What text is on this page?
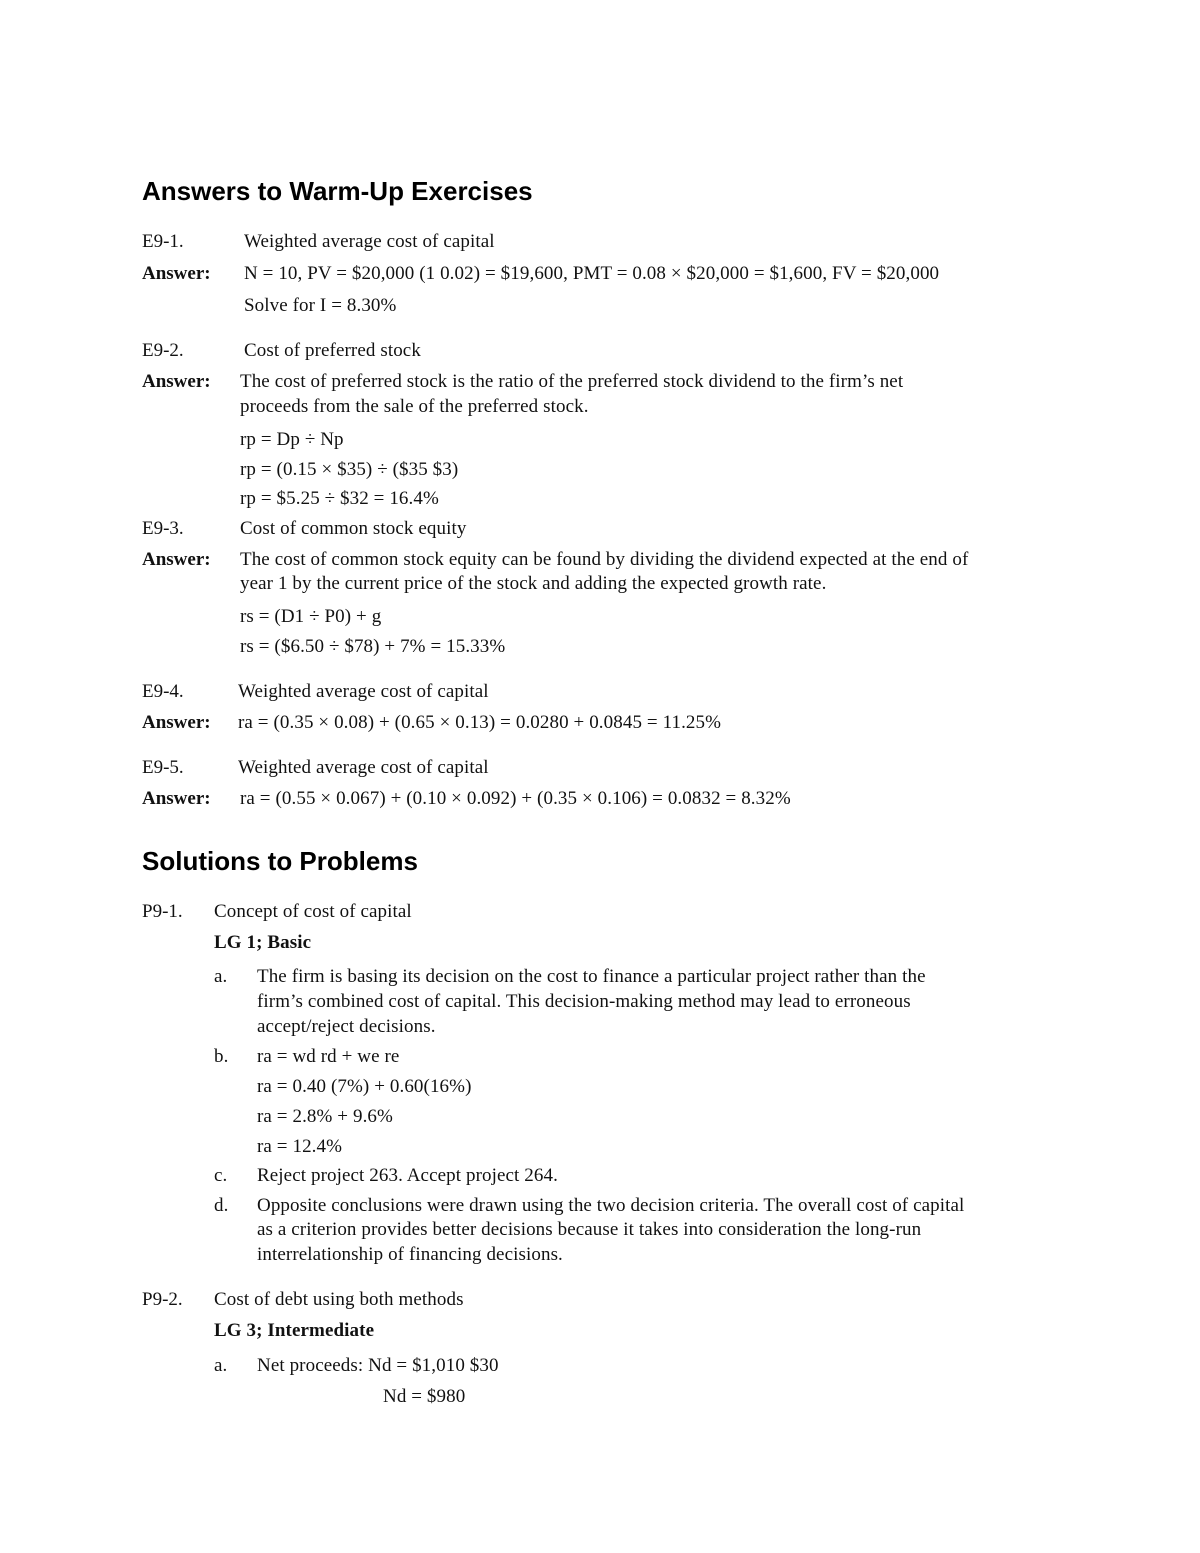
Answers to Warm-Up Exercises
E9-1.	Weighted average cost of capital
Answer: N = 10, PV = $20,000 (1 0.02) = $19,600, PMT = 0.08 × $20,000 = $1,600, FV = $20,000
Solve for I = 8.30%
E9-2.	Cost of preferred stock
Answer: The cost of preferred stock is the ratio of the preferred stock dividend to the firm’s net
proceeds from the sale of the preferred stock.
rp = Dp ÷ Np
rp = (0.15 × $35) ÷ ($35 $3)
rp = $5.25 ÷ $32 = 16.4%
E9-3.	Cost of common stock equity
Answer: The cost of common stock equity can be found by dividing the dividend expected at the end of
year 1 by the current price of the stock and adding the expected growth rate.
rs = (D1 ÷ P0) + g
rs = ($6.50 ÷ $78) + 7% = 15.33%
E9-4.	Weighted average cost of capital
Answer: ra = (0.35 × 0.08) + (0.65 × 0.13) = 0.0280 + 0.0845 = 11.25%
E9-5.	Weighted average cost of capital
Answer: ra = (0.55 × 0.067) + (0.10 × 0.092) + (0.35 × 0.106) = 0.0832 = 8.32%
Solutions to Problems
P9-1. Concept of cost of capital
LG 1; Basic
a. The firm is basing its decision on the cost to finance a particular project rather than the
firm’s combined cost of capital. This decision-making method may lead to erroneous
accept/reject decisions.
b. ra = wd rd + we re
ra = 0.40 (7%) + 0.60(16%)
ra = 2.8% + 9.6%
ra = 12.4%
c. Reject project 263. Accept project 264.
d. Opposite conclusions were drawn using the two decision criteria. The overall cost of capital
as a criterion provides better decisions because it takes into consideration the long-run
interrelationship of financing decisions.
P9-2. Cost of debt using both methods
LG 3; Intermediate
a. Net proceeds: Nd = $1,010 $30
Nd = $980
